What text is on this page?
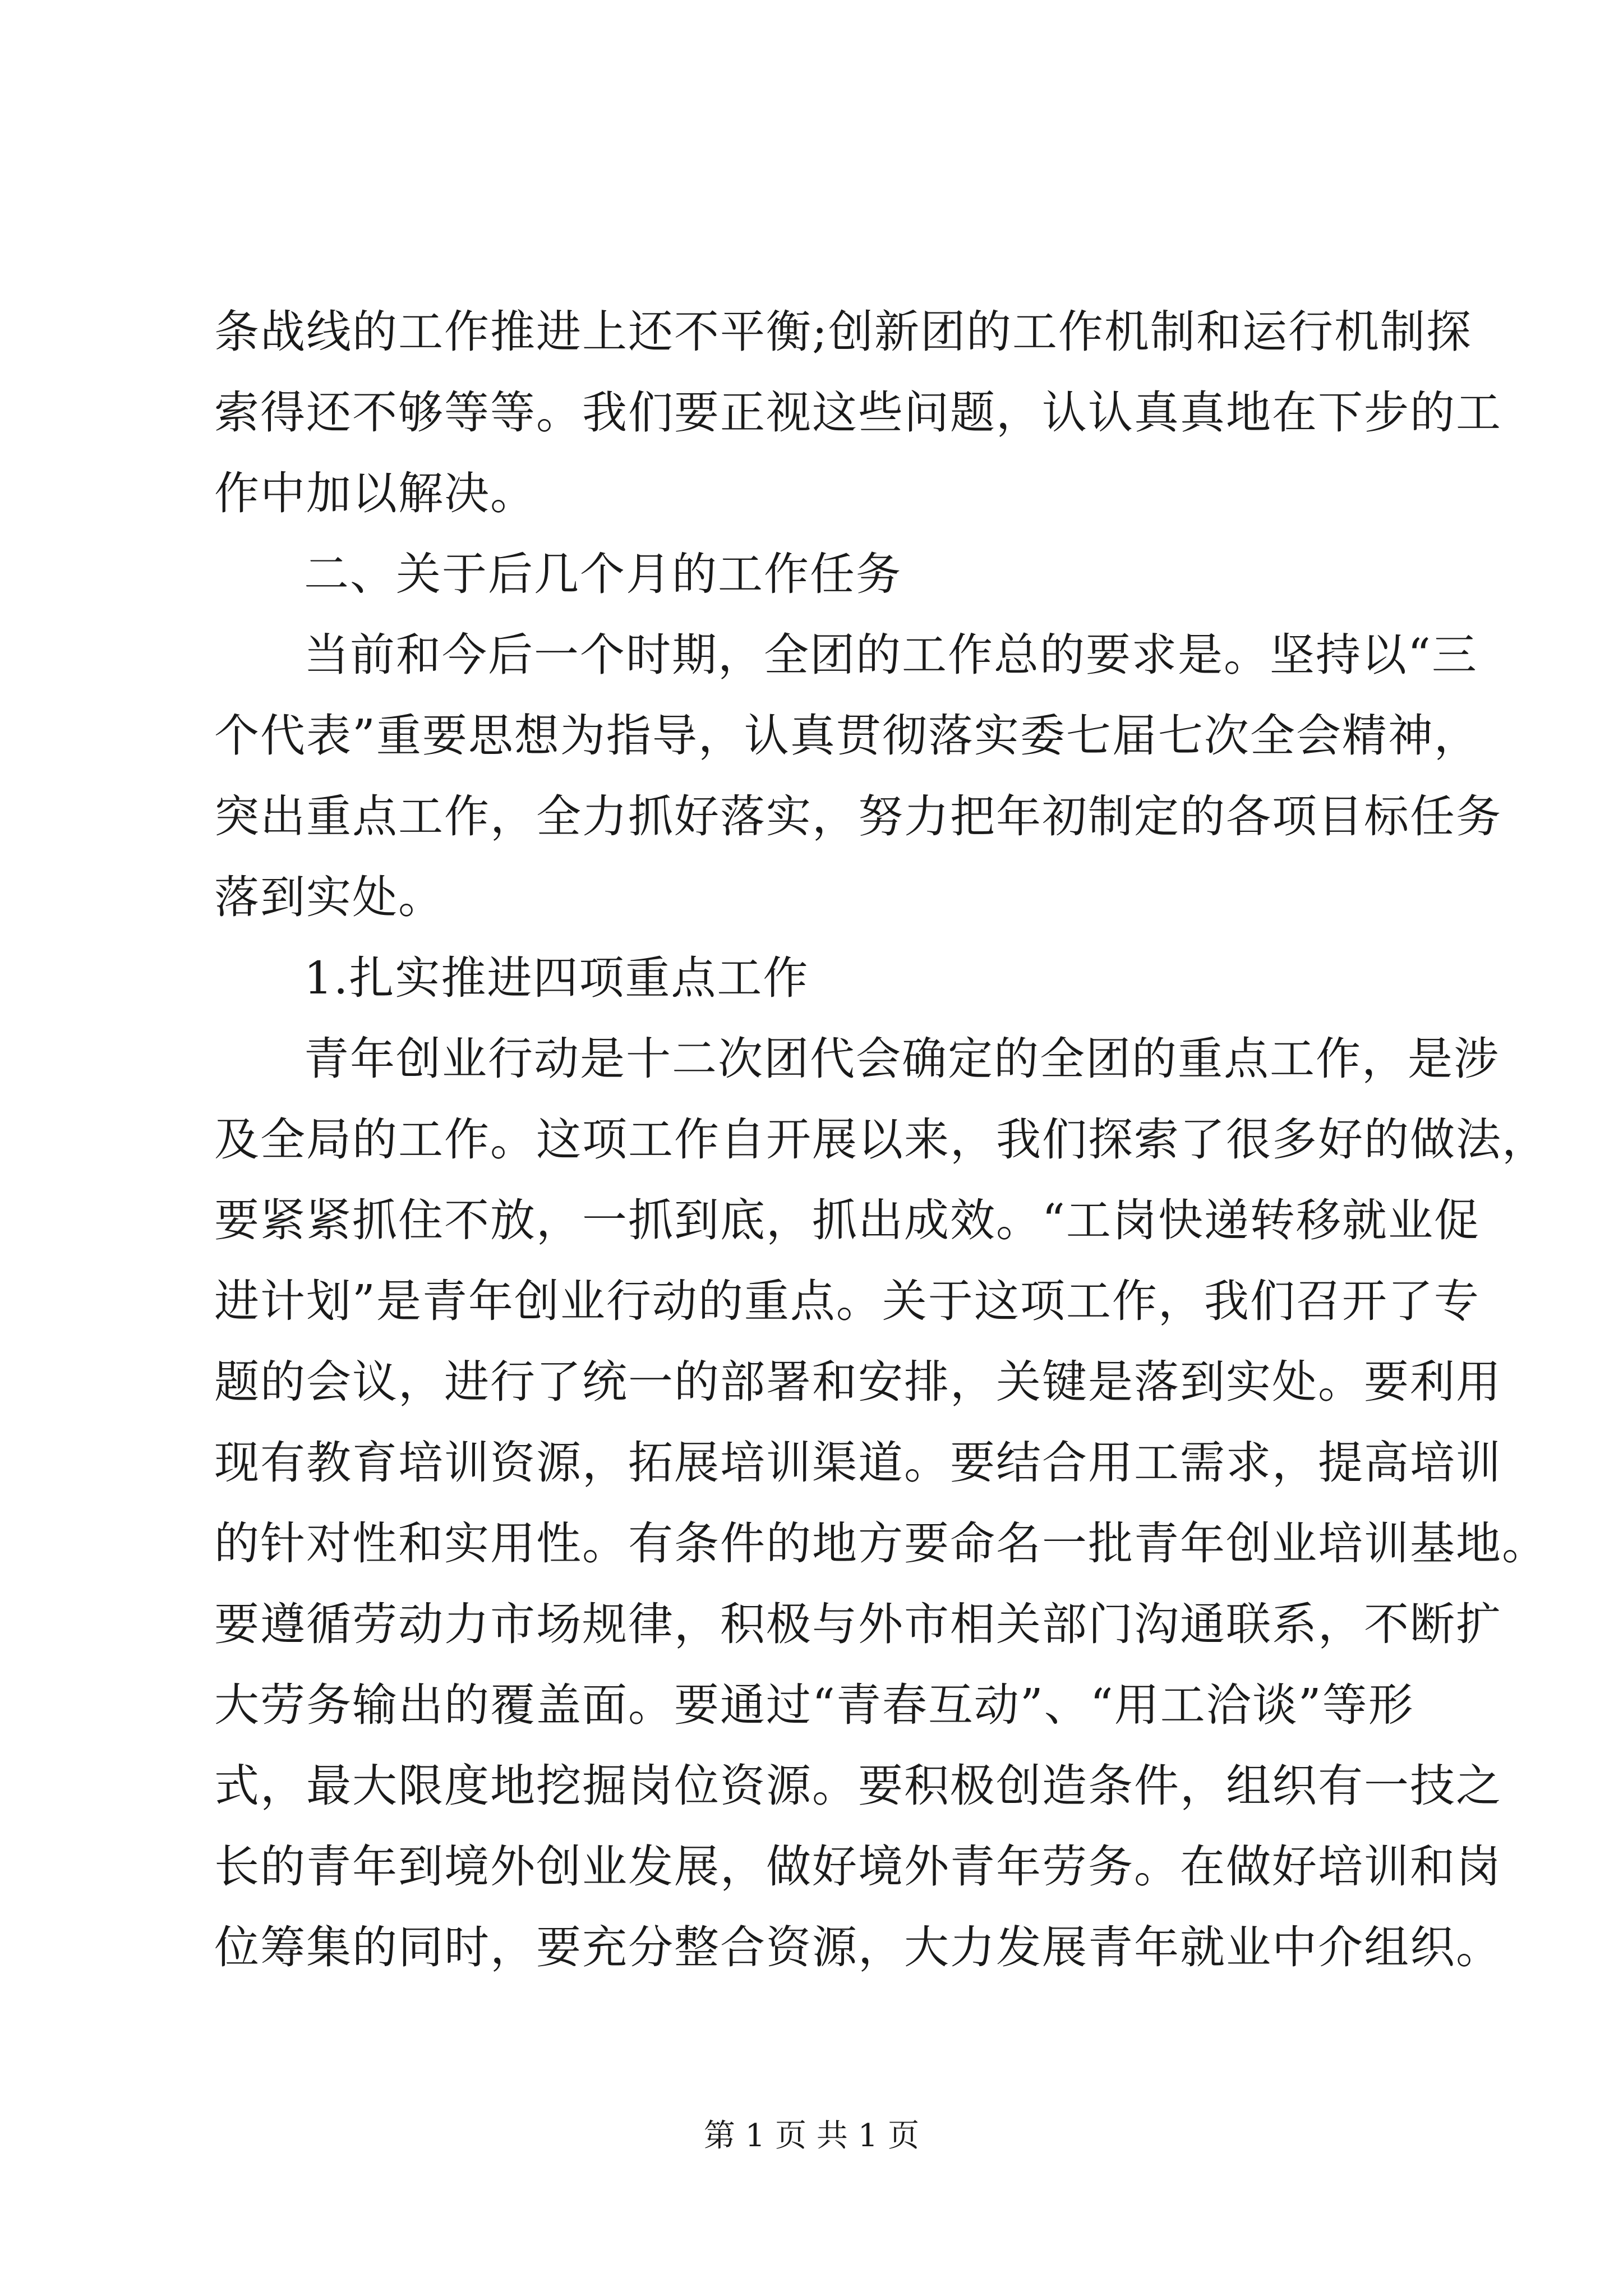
条战线的工作推进上还不平衡;创新团的工作机制和运行机制探
索得还不够等等。我们要正视这些问题，认认真真地在下步的工
作中加以解决。
二、关于后几个月的工作任务
当前和今后一个时期，全团的工作总的要求是。坚持以“三
个代表”重要思想为指导，认真贯彻落实委七届七次全会精神，
突出重点工作，全力抓好落实，努力把年初制定的各项目标任务
落到实处。
1.扎实推进四项重点工作
青年创业行动是十二次团代会确定的全团的重点工作，是涉
及全局的工作。这项工作自开展以来，我们探索了很多好的做法，
要紧紧抓住不放，一抓到底，抓出成效。“工岗快递转移就业促
进计划”是青年创业行动的重点。关于这项工作，我们召开了专
题的会议，进行了统一的部署和安排，关键是落到实处。要利用
现有教育培训资源，拓展培训渠道。要结合用工需求，提高培训
的针对性和实用性。有条件的地方要命名一批青年创业培训基地。
要遵循劳动力市场规律，积极与外市相关部门沟通联系，不断扩
大劳务输出的覆盖面。要通过“青春互动”、“用工洽谈”等形
式，最大限度地挖掘岗位资源。要积极创造条件，组织有一技之
长的青年到境外创业发展，做好境外青年劳务。在做好培训和岗
位筹集的同时，要充分整合资源，大力发展青年就业中介组织。
第 1 页 共 1 页
